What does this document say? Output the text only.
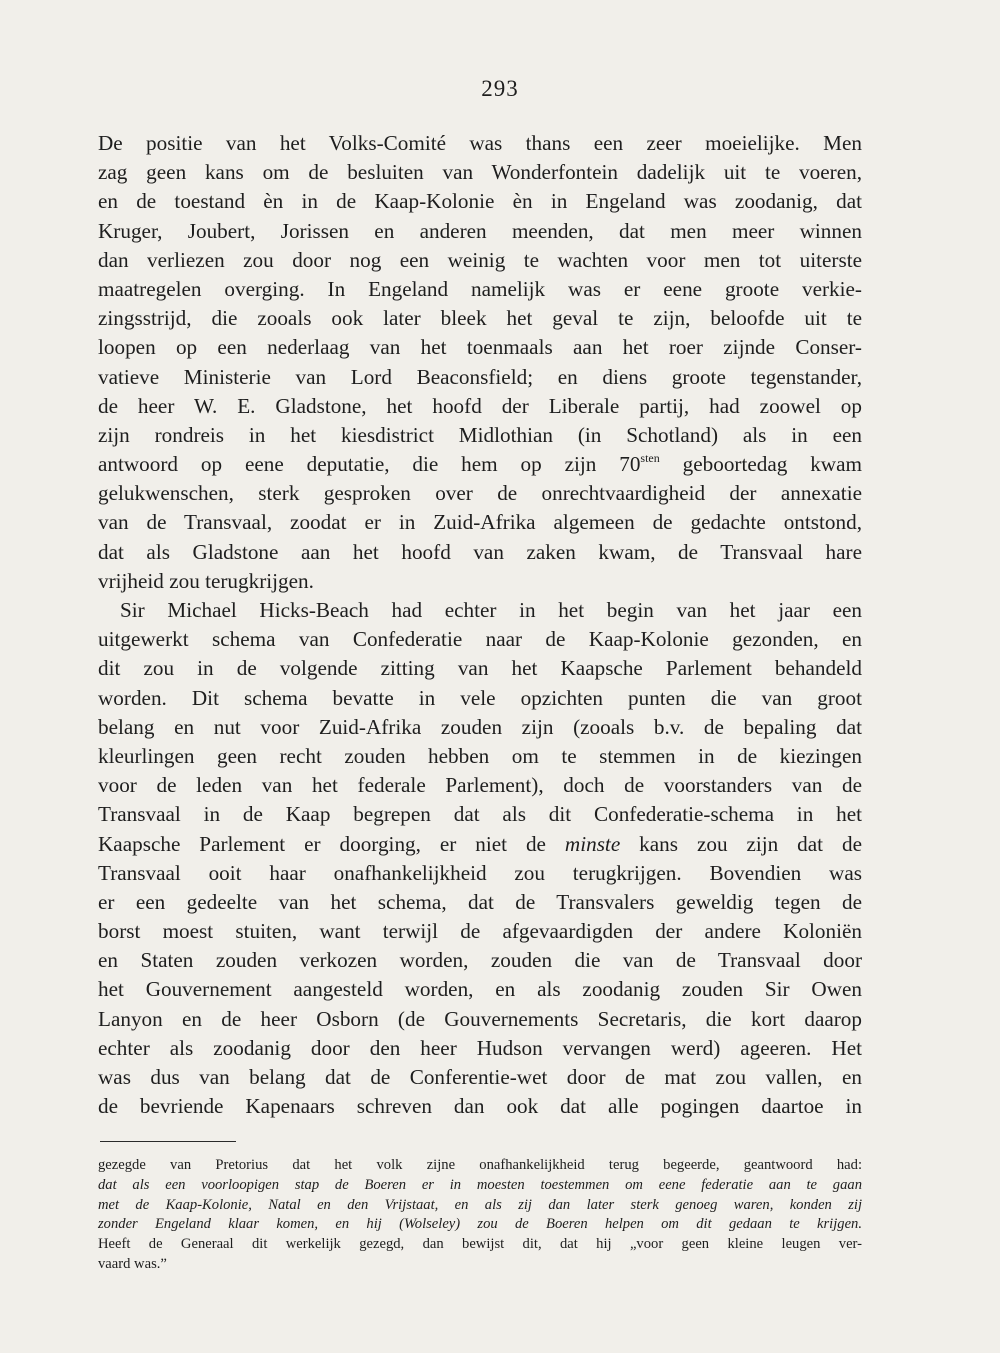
293
De positie van het Volks-Comité was thans een zeer moeielijke. Men
zag geen kans om de besluiten van Wonderfontein dadelijk uit te voeren,
en de toestand èn in de Kaap-Kolonie èn in Engeland was zoodanig, dat
Kruger, Joubert, Jorissen en anderen meenden, dat men meer winnen
dan verliezen zou door nog een weinig te wachten voor men tot uiterste
maatregelen overging. In Engeland namelijk was er eene groote verkie-
zingsstrijd, die zooals ook later bleek het geval te zijn, beloofde uit te
loopen op een nederlaag van het toenmaals aan het roer zijnde Conser-
vatieve Ministerie van Lord Beaconsfield; en diens groote tegenstander,
de heer W. E. Gladstone, het hoofd der Liberale partij, had zoowel op
zijn rondreis in het kiesdistrict Midlothian (in Schotland) als in een
antwoord op eene deputatie, die hem op zijn $70^{sten}$ geboortedag kwam
gelukwenschen, sterk gesproken over de onrechtvaardigheid der annexatie
van de Transvaal, zoodat er in Zuid-Afrika algemeen de gedachte ontstond,
dat als Gladstone aan het hoofd van zaken kwam, de Transvaal hare
vrijheid zou terugkrijgen.
Sir Michael Hicks-Beach had echter in het begin van het jaar een
uitgewerkt schema van Confederatie naar de Kaap-Kolonie gezonden, en
dit zou in de volgende zitting van het Kaapsche Parlement behandeld
worden. Dit schema bevatte in vele opzichten punten die van groot
belang en nut voor Zuid-Afrika zouden zijn (zooals b.v. de bepaling dat
kleurlingen geen recht zouden hebben om te stemmen in de kiezingen
voor de leden van het federale Parlement), doch de voorstanders van de
Transvaal in de Kaap begrepen dat als dit Confederatie-schema in het
Kaapsche Parlement er doorging, er niet de minste kans zou zijn dat de
Transvaal ooit haar onafhankelijkheid zou terugkrijgen. Bovendien was
er een gedeelte van het schema, dat de Transvalers geweldig tegen de
borst moest stuiten, want terwijl de afgevaardigden der andere Koloniën
en Staten zouden verkozen worden, zouden die van de Transvaal door
het Gouvernement aangesteld worden, en als zoodanig zouden Sir Owen
Lanyon en de heer Osborn (de Gouvernements Secretaris, die kort daarop
echter als zoodanig door den heer Hudson vervangen werd) ageeren. Het
was dus van belang dat de Conferentie-wet door de mat zou vallen, en
de bevriende Kapenaars schreven dan ook dat alle pogingen daartoe in
gezegde van Pretorius dat het volk zijne onafhankelijkheid terug begeerde, geantwoord had:
dat als een voorloopigen stap de Boeren er in moesten toestemmen om eene federatie aan te gaan
met de Kaap-Kolonie, Natal en den Vrijstaat, en als zij dan later sterk genoeg waren, konden zij
zonder Engeland klaar komen, en hij (Wolseley) zou de Boeren helpen om dit gedaan te krijgen.
Heeft de Generaal dit werkelijk gezegd, dan bewijst dit, dat hij „voor geen kleine leugen ver-
vaard was.”
